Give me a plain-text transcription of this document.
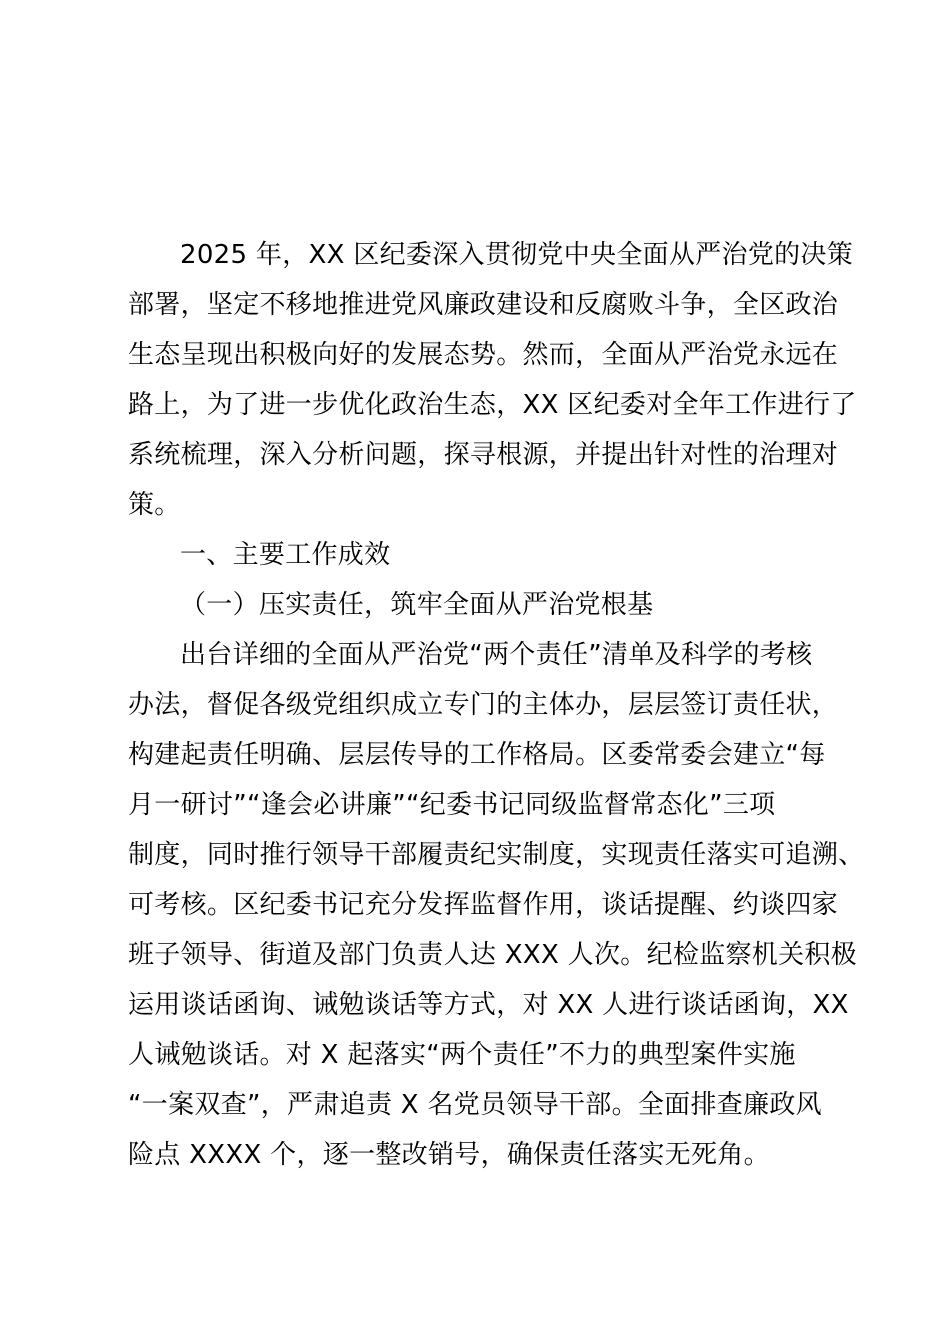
2025 年，XX 区纪委深入贯彻党中央全面从严治党的决策
部署，坚定不移地推进党风廉政建设和反腐败斗争，全区政治
生态呈现出积极向好的发展态势。然而，全面从严治党永远在
路上，为了进一步优化政治生态，XX 区纪委对全年工作进行了
系统梳理，深入分析问题，探寻根源，并提出针对性的治理对
策。
一、主要工作成效
（一）压实责任，筑牢全面从严治党根基
出台详细的全面从严治党“两个责任”清单及科学的考核
办法，督促各级党组织成立专门的主体办，层层签订责任状，
构建起责任明确、层层传导的工作格局。区委常委会建立“每
月一研讨”“逢会必讲廉”“纪委书记同级监督常态化”三项
制度，同时推行领导干部履责纪实制度，实现责任落实可追溯、
可考核。区纪委书记充分发挥监督作用，谈话提醒、约谈四家
班子领导、街道及部门负责人达 XXX 人次。纪检监察机关积极
运用谈话函询、诫勉谈话等方式，对 XX 人进行谈话函询，XX
人诫勉谈话。对 X 起落实“两个责任”不力的典型案件实施
“一案双查”，严肃追责 X 名党员领导干部。全面排查廉政风
险点 XXXX 个，逐一整改销号，确保责任落实无死角。
